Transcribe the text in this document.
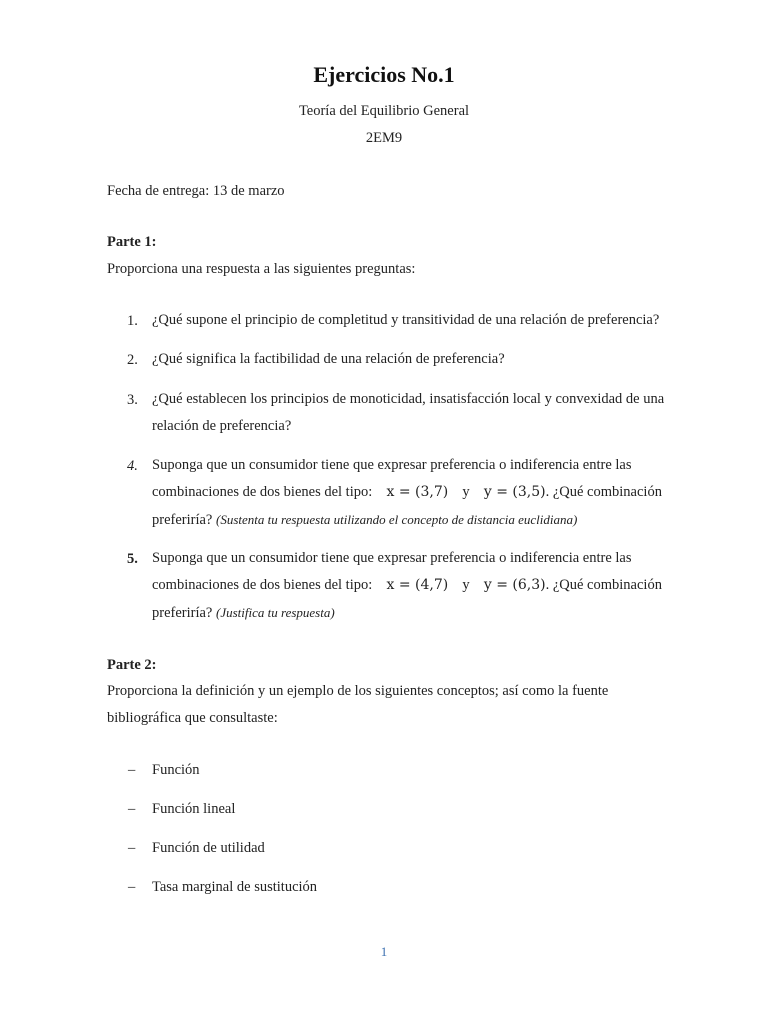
Ejercicios No.1
Teoría del Equilibrio General
2EM9
Fecha de entrega: 13 de marzo
Parte 1:
Proporciona una respuesta a las siguientes preguntas:
1. ¿Qué supone el principio de completitud y transitividad de una relación de preferencia?
2. ¿Qué significa la factibilidad de una relación de preferencia?
3. ¿Qué establecen los principios de monoticidad, insatisfacción local y convexidad de una
relación de preferencia?
4. Suponga que un consumidor tiene que expresar preferencia o indiferencia entre las
combinaciones de dos bienes del tipo: x = (3,7) y y = (3,5). ¿Qué combinación
preferiría? (Sustenta tu respuesta utilizando el concepto de distancia euclidiana)
5. Suponga que un consumidor tiene que expresar preferencia o indiferencia entre las
combinaciones de dos bienes del tipo: x = (4,7) y y = (6,3). ¿Qué combinación
preferiría? (Justifica tu respuesta)
Parte 2:
Proporciona la definición y un ejemplo de los siguientes conceptos; así como la fuente
bibliográfica que consultaste:
– Función
– Función lineal
– Función de utilidad
– Tasa marginal de sustitución
1
